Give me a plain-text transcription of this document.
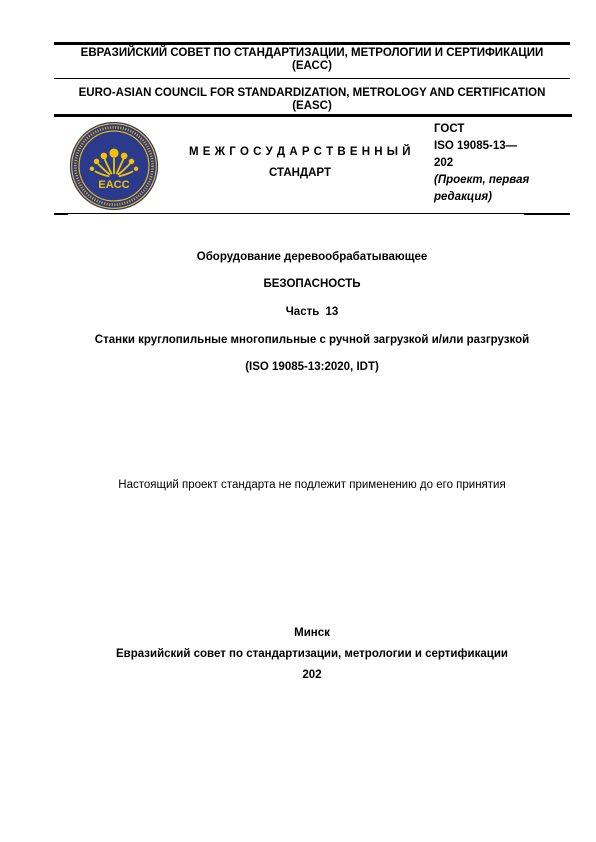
ЕВРАЗИЙСКИЙ СОВЕТ ПО СТАНДАРТИЗАЦИИ, МЕТРОЛОГИИ И СЕРТИФИКАЦИИ
(ЕАСС)
EURO-ASIAN COUNCIL FOR STANDARDIZATION, METROLOGY AND CERTIFICATION
(EASC)
EACC
М Е Ж Г О С У Д А Р С Т В Е Н Н Ы Й
СТАНДАРТ
ГОСТ
ISO 19085-13—
202
(Проект, первая
редакция)
Оборудование деревообрабатывающее
БЕЗОПАСНОСТЬ
Часть 13
Станки круглопильные многопильные с ручной загрузкой и/или разгрузкой
(ISO 19085-13:2020, IDT)
Настоящий проект стандарта не подлежит применению до его принятия
Минск
Евразийский совет по стандартизации, метрологии и сертификации
202
